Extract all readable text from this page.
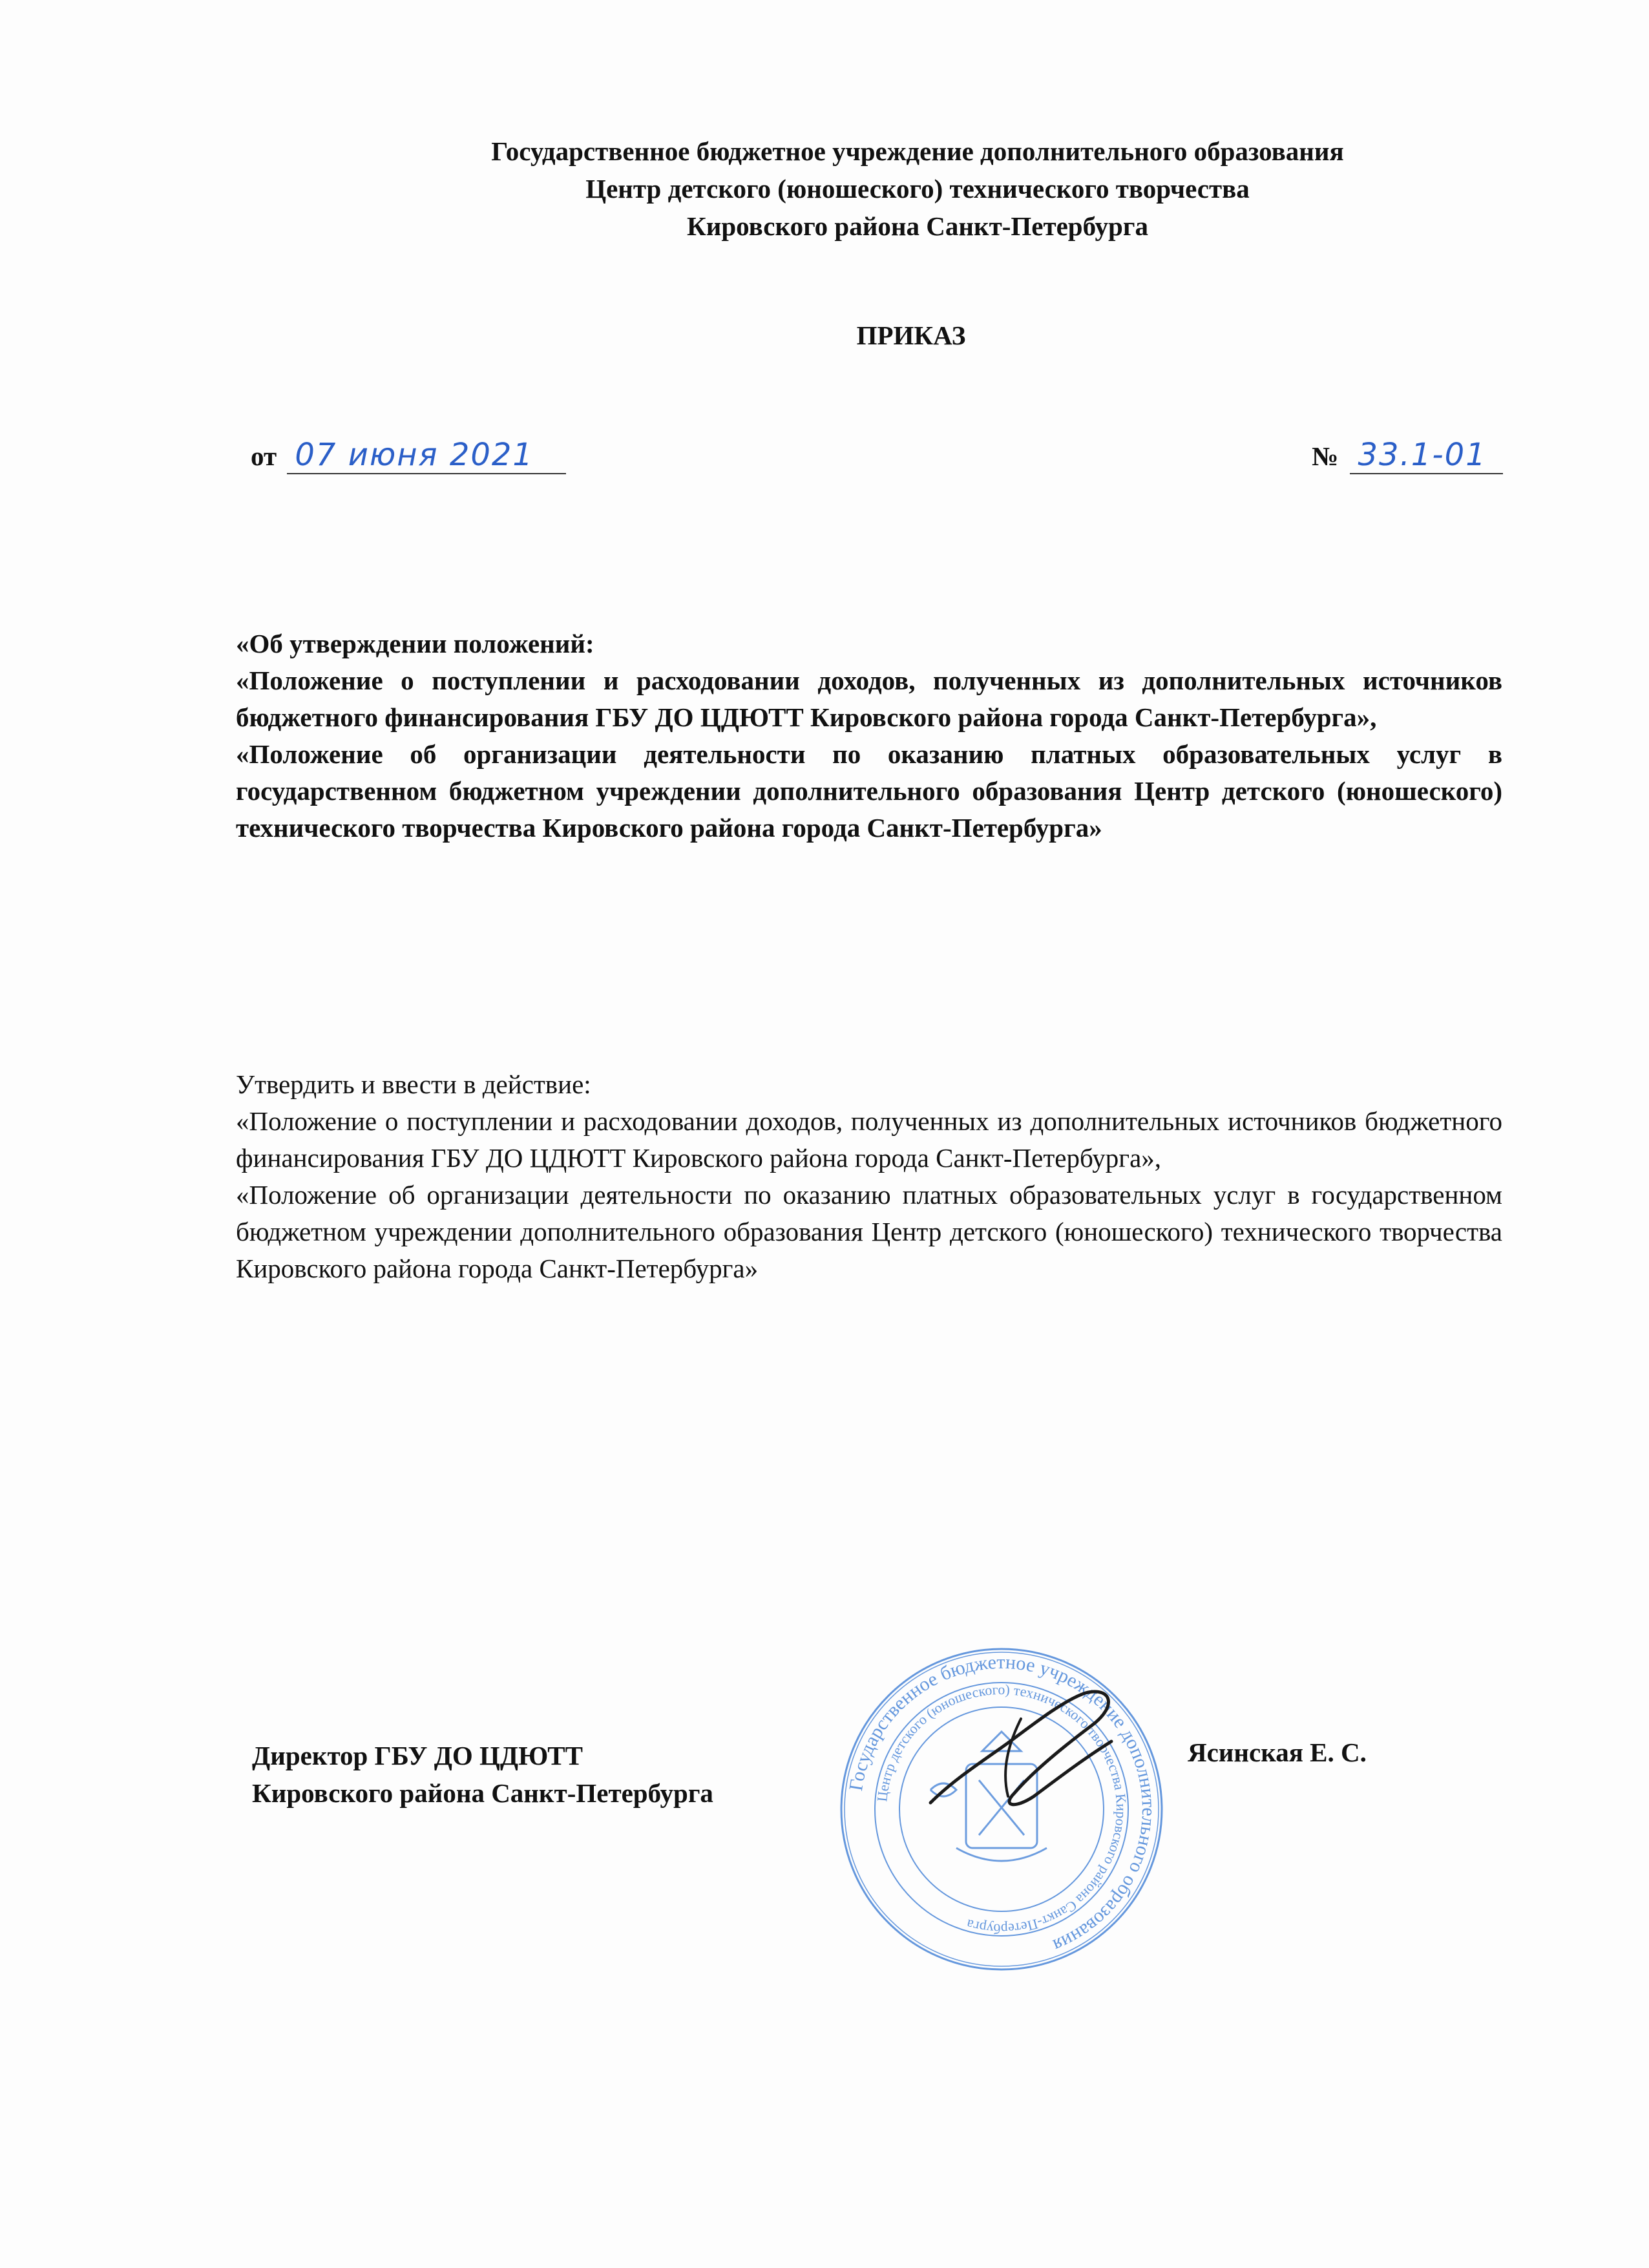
Государственное бюджетное учреждение дополнительного образования
Центр детского (юношеского) технического творчества
Кировского района Санкт-Петербурга
ПРИКАЗ
от 07 июня 2021	№ 33.1-01

«Об утверждении положений:

«Положение о поступлении и расходовании доходов, полученных из дополнительных источников бюджетного финансирования ГБУ ДО ЦДЮТТ Кировского района города Санкт-Петербурга»,

«Положение об организации деятельности по оказанию платных образовательных услуг в государственном бюджетном учреждении дополнительного образования Центр детского (юношеского) технического творчества Кировского района города Санкт-Петербурга»

Утвердить и ввести в действие:

«Положение о поступлении и расходовании доходов, полученных из дополнительных источников бюджетного финансирования ГБУ ДО ЦДЮТТ Кировского района города Санкт-Петербурга»,

«Положение об организации деятельности по оказанию платных образовательных услуг в государственном бюджетном учреждении дополнительного образования Центр детского (юношеского) технического творчества Кировского района города Санкт-Петербурга»

Директор ГБУ ДО ЦДЮТТ
Кировского района Санкт-Петербурга
Ясинская Е. С.
Государственное бюджетное учреждение дополнительного образования
Центр детского (юношеского) технического творчества Кировского района Санкт-Петербурга
